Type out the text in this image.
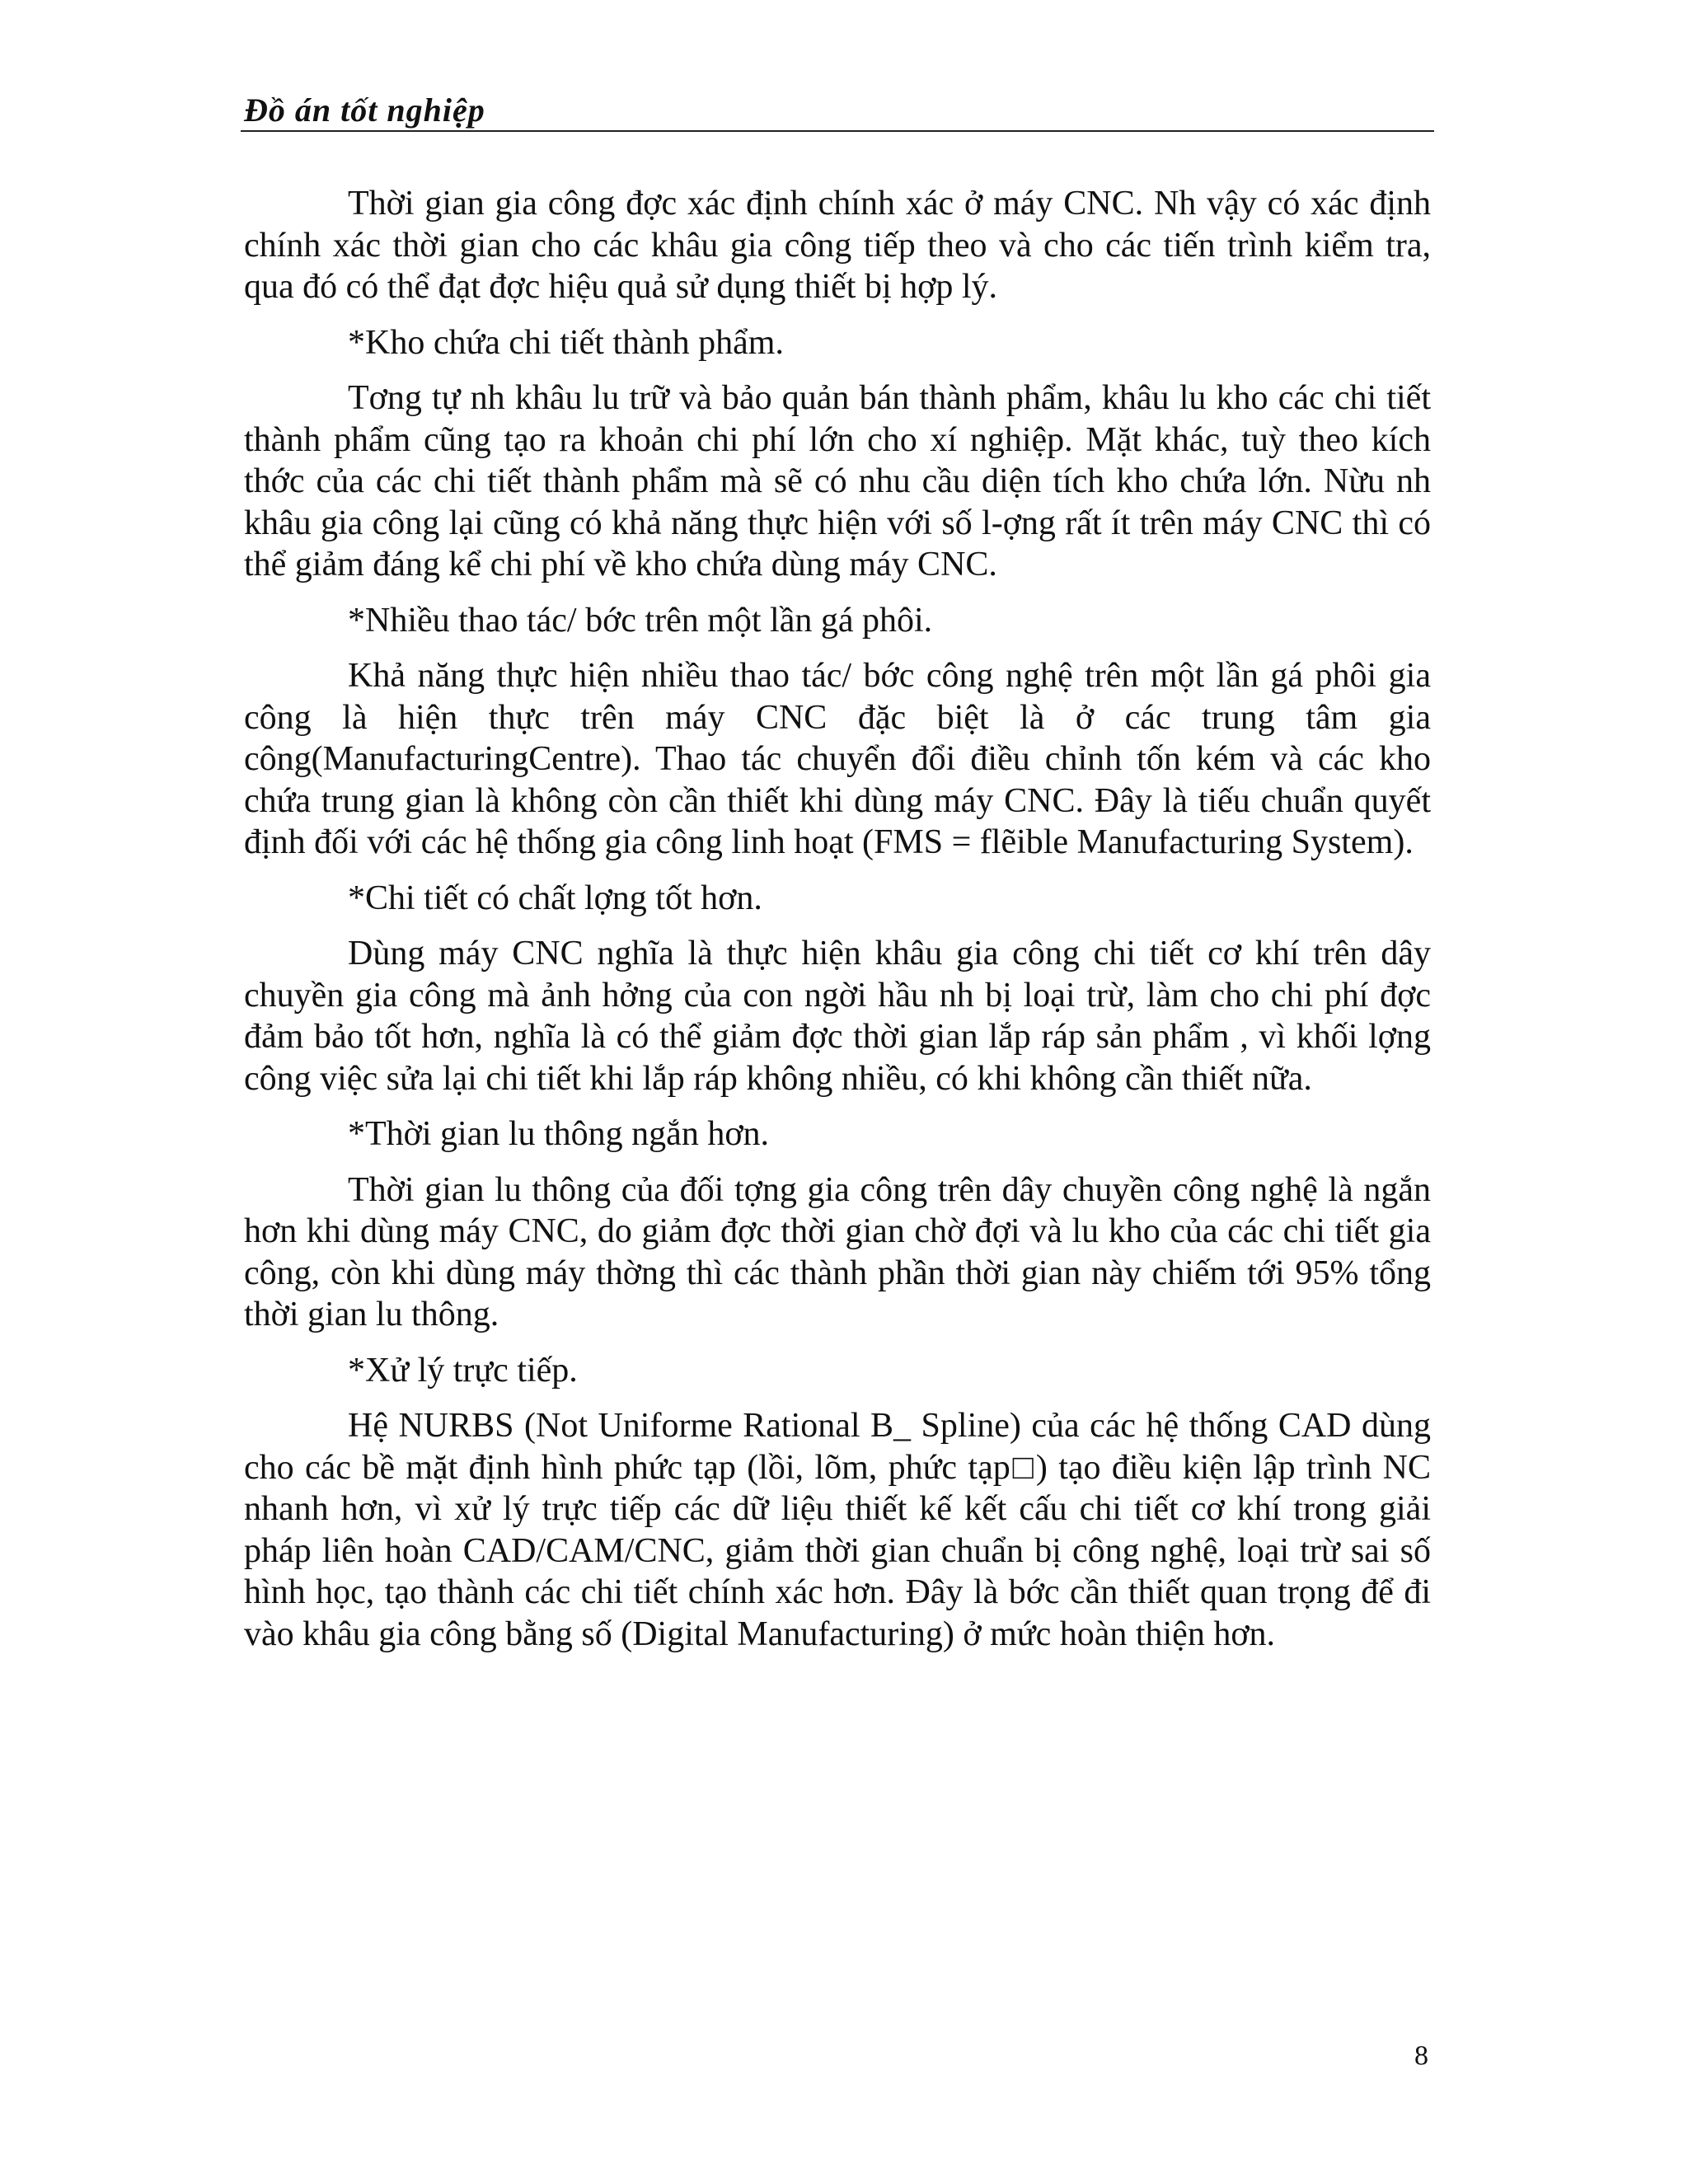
Đồ án tốt nghiệp

Thời gian gia công đợc xác định chính xác ở máy CNC. Nh vậy có xác định chính xác thời gian cho các khâu gia công tiếp theo và cho các tiến trình kiểm tra, qua đó có thể đạt đợc hiệu quả sử dụng thiết bị hợp lý.

*Kho chứa chi tiết thành phẩm.

Tơng tự nh khâu lu trữ và bảo quản bán thành phẩm, khâu lu kho các chi tiết thành phẩm cũng tạo ra khoản chi phí lớn cho xí nghiệp. Mặt khác, tuỳ theo kích thớc của các chi tiết thành phẩm mà sẽ có nhu cầu diện tích kho chứa lớn. Nừu nh khâu gia công lại cũng có khả năng thực hiện với số l-ợng rất ít trên máy CNC thì có thể giảm đáng kể chi phí về kho chứa dùng máy CNC.

*Nhiều thao tác/ bớc trên một lần gá phôi.

Khả năng thực hiện nhiều thao tác/ bớc công nghệ trên một lần gá phôi gia công là hiện thực trên máy CNC đặc biệt là ở các trung tâm gia công(ManufacturingCentre). Thao tác chuyển đổi điều chỉnh tốn kém và các kho chứa trung gian là không còn cần thiết khi dùng máy CNC. Đây là tiếu chuẩn quyết định đối với các hệ thống gia công linh hoạt (FMS = flẽible Manufacturing System).

*Chi tiết có chất lợng tốt hơn.

Dùng máy CNC nghĩa là thực hiện khâu gia công chi tiết cơ khí trên dây chuyền gia công mà ảnh hởng của con ngời hầu nh bị loại trừ, làm cho chi phí đợc đảm bảo tốt hơn, nghĩa là có thể giảm đợc thời gian lắp ráp sản phẩm , vì khối lợng công việc sửa lại chi tiết khi lắp ráp không nhiều, có khi không cần thiết nữa.

*Thời gian lu thông ngắn hơn.

Thời gian lu thông của đối tợng gia công trên dây chuyền công nghệ là ngắn hơn khi dùng máy CNC, do giảm đợc thời gian chờ đợi và lu kho của các chi tiết gia công, còn khi dùng máy thờng thì các thành phần thời gian này chiếm tới 95% tổng thời gian lu thông.

*Xử lý trực tiếp.

Hệ NURBS (Not Uniforme Rational B_ Spline) của các hệ thống CAD dùng cho các bề mặt định hình phức tạp (lồi, lõm, phức tạp□) tạo điều kiện lập trình NC nhanh hơn, vì xử lý trực tiếp các dữ liệu thiết kế kết cấu chi tiết cơ khí trong giải pháp liên hoàn CAD/CAM/CNC, giảm thời gian chuẩn bị công nghệ, loại trừ sai số hình học, tạo thành các chi tiết chính xác hơn. Đây là bớc cần thiết quan trọng để đi vào khâu gia công bằng số (Digital Manufacturing) ở mức hoàn thiện hơn.

8
